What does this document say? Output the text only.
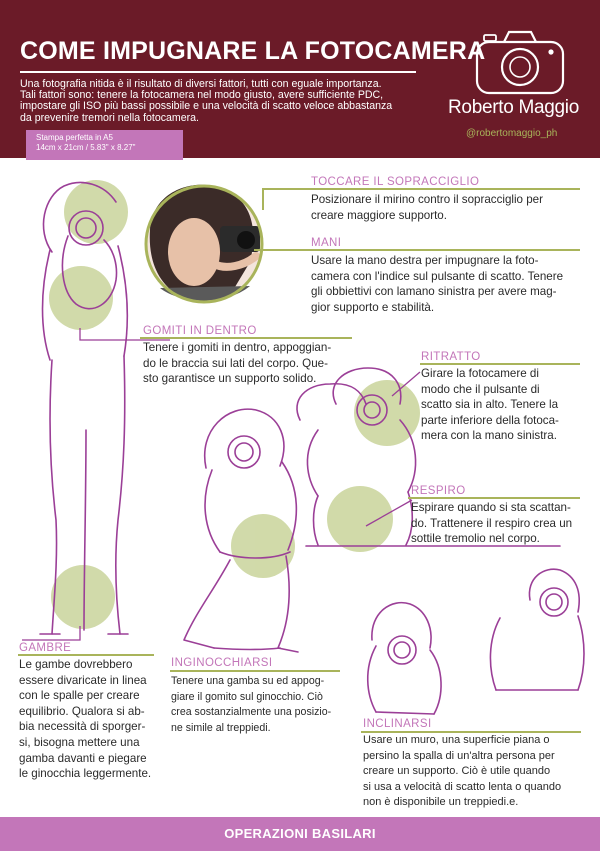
COME IMPUGNARE LA FOTOCAMERA
Una fotografia nitida è il risultato di diversi fattori, tutti con eguale importanza.
Tali fattori sono: tenere la fotocamera nel modo giusto, avere sufficiente PDC,
impostare gli ISO più bassi possibile e una velocità di scatto veloce abbastanza
da prevenire tremori nella fotocamera.
Stampa perfetta in A5
14cm x 21cm / 5.83" x 8.27"
Roberto Maggio
@robertomaggio_ph
TOCCARE IL SOPRACCIGLIO
Posizionare il mirino contro il sopracciglio per
creare maggiore supporto.
MANI
Usare la mano destra per impugnare la foto-
camera con l'indice sul pulsante di scatto. Tenere
gli obbiettivi con lamano sinistra per avere mag-
gior supporto e stabilità.
GOMITI IN DENTRO
Tenere i gomiti in dentro, appoggian-
do le braccia sui lati del corpo. Que-
sto garantisce un supporto solido.
RITRATTO
Girare la fotocamere di
modo che il pulsante di
scatto sia in alto. Tenere la
parte inferiore della fotoca-
mera con la mano sinistra.
RESPIRO
Espirare quando si sta scattan-
do. Trattenere il respiro crea un
sottile tremolio nel corpo.
GAMBRE
Le gambe dovrebbero
essere divaricate in linea
con le spalle per creare
equilibrio. Qualora si ab-
bia necessità di sporger-
si, bisogna mettere una
gamba davanti e piegare
le ginocchia leggermente.
INGINOCCHIARSI
Tenere una gamba su ed appog-
giare il gomito sul ginocchio. Ciò
crea sostanzialmente una posizio-
ne simile al treppiedi.	INCLINARSI
Usare un muro, una superficie piana o
persino la spalla di un'altra persona per
creare un supporto. Ciò è utile quando
si usa a velocità di scatto lenta o quando
non è disponibile un treppiedi.e.
OPERAZIONI BASILARI
